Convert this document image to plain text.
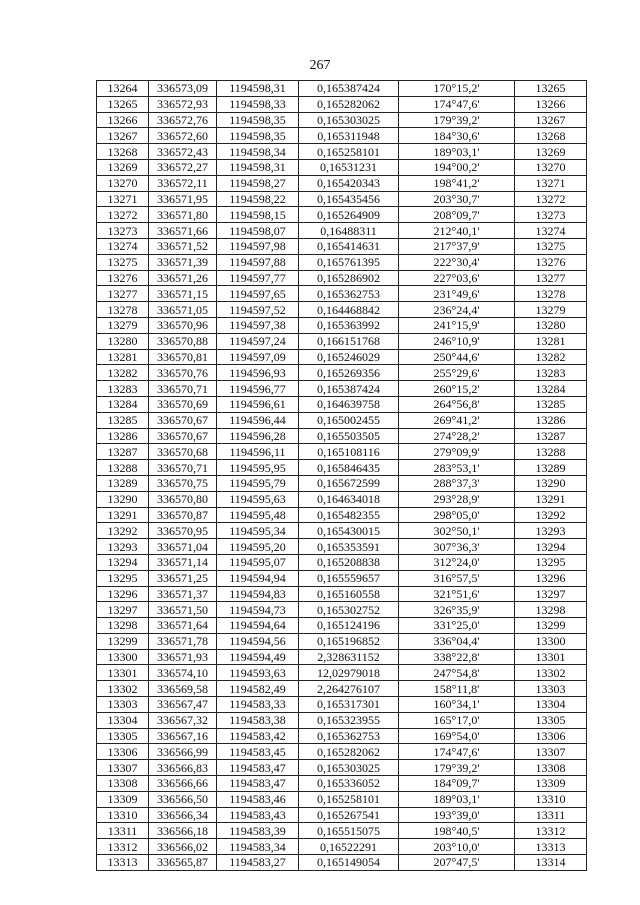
267
13264	336573,09	1194598,31	0,165387424	170°15,2'	13265
13265	336572,93	1194598,33	0,165282062	174°47,6'	13266
13266	336572,76	1194598,35	0,165303025	179°39,2'	13267
13267	336572,60	1194598,35	0,165311948	184°30,6'	13268
13268	336572,43	1194598,34	0,165258101	189°03,1'	13269
13269	336572,27	1194598,31	0,16531231	194°00,2'	13270
13270	336572,11	1194598,27	0,165420343	198°41,2'	13271
13271	336571,95	1194598,22	0,165435456	203°30,7'	13272
13272	336571,80	1194598,15	0,165264909	208°09,7'	13273
13273	336571,66	1194598,07	0,16488311	212°40,1'	13274
13274	336571,52	1194597,98	0,165414631	217°37,9'	13275
13275	336571,39	1194597,88	0,165761395	222°30,4'	13276
13276	336571,26	1194597,77	0,165286902	227°03,6'	13277
13277	336571,15	1194597,65	0,165362753	231°49,6'	13278
13278	336571,05	1194597,52	0,164468842	236°24,4'	13279
13279	336570,96	1194597,38	0,165363992	241°15,9'	13280
13280	336570,88	1194597,24	0,166151768	246°10,9'	13281
13281	336570,81	1194597,09	0,165246029	250°44,6'	13282
13282	336570,76	1194596,93	0,165269356	255°29,6'	13283
13283	336570,71	1194596,77	0,165387424	260°15,2'	13284
13284	336570,69	1194596,61	0,164639758	264°56,8'	13285
13285	336570,67	1194596,44	0,165002455	269°41,2'	13286
13286	336570,67	1194596,28	0,165503505	274°28,2'	13287
13287	336570,68	1194596,11	0,165108116	279°09,9'	13288
13288	336570,71	1194595,95	0,165846435	283°53,1'	13289
13289	336570,75	1194595,79	0,165672599	288°37,3'	13290
13290	336570,80	1194595,63	0,164634018	293°28,9'	13291
13291	336570,87	1194595,48	0,165482355	298°05,0'	13292
13292	336570,95	1194595,34	0,165430015	302°50,1'	13293
13293	336571,04	1194595,20	0,165353591	307°36,3'	13294
13294	336571,14	1194595,07	0,165208838	312°24,0'	13295
13295	336571,25	1194594,94	0,165559657	316°57,5'	13296
13296	336571,37	1194594,83	0,165160558	321°51,6'	13297
13297	336571,50	1194594,73	0,165302752	326°35,9'	13298
13298	336571,64	1194594,64	0,165124196	331°25,0'	13299
13299	336571,78	1194594,56	0,165196852	336°04,4'	13300
13300	336571,93	1194594,49	2,328631152	338°22,8'	13301
13301	336574,10	1194593,63	12,02979018	247°54,8'	13302
13302	336569,58	1194582,49	2,264276107	158°11,8'	13303
13303	336567,47	1194583,33	0,165317301	160°34,1'	13304
13304	336567,32	1194583,38	0,165323955	165°17,0'	13305
13305	336567,16	1194583,42	0,165362753	169°54,0'	13306
13306	336566,99	1194583,45	0,165282062	174°47,6'	13307
13307	336566,83	1194583,47	0,165303025	179°39,2'	13308
13308	336566,66	1194583,47	0,165336052	184°09,7'	13309
13309	336566,50	1194583,46	0,165258101	189°03,1'	13310
13310	336566,34	1194583,43	0,165267541	193°39,0'	13311
13311	336566,18	1194583,39	0,165515075	198°40,5'	13312
13312	336566,02	1194583,34	0,16522291	203°10,0'	13313
13313	336565,87	1194583,27	0,165149054	207°47,5'	13314
